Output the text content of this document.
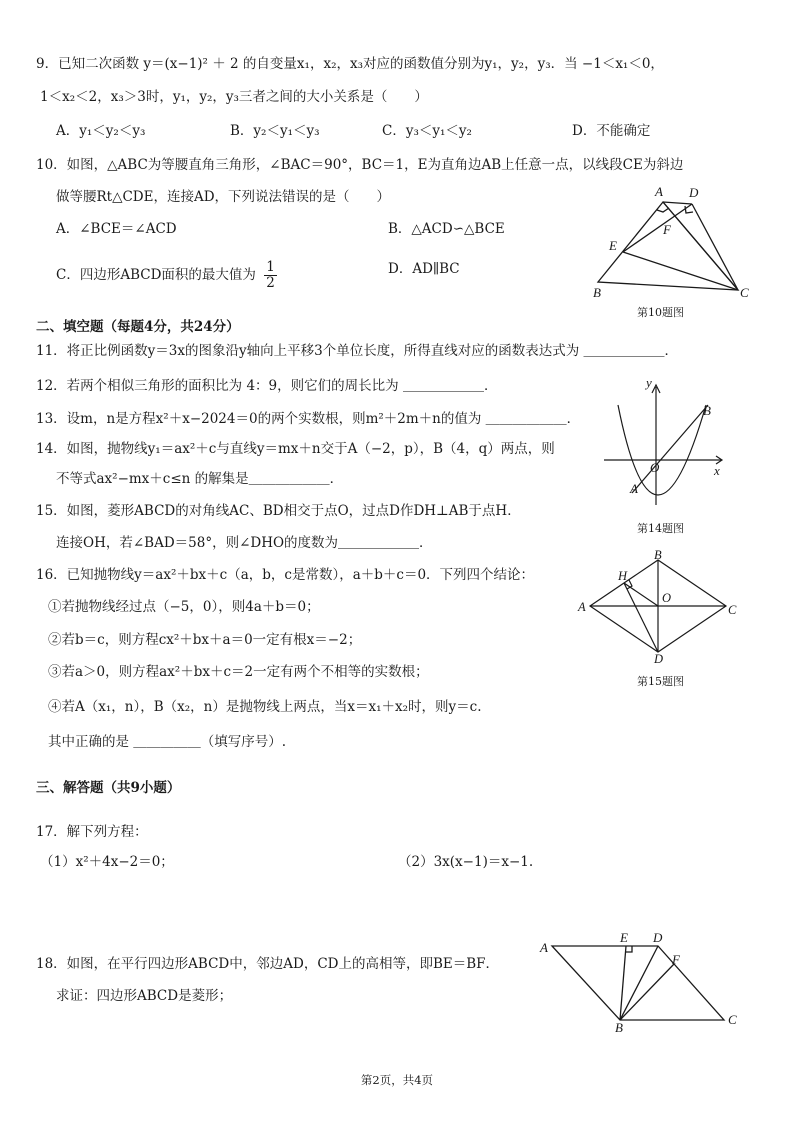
9．已知二次函数 y＝(x−1)² ＋ 2 的自变量x₁，x₂，x₃对应的函数值分别为y₁，y₂，y₃．当 −1＜x₁＜0，
1＜x₂＜2，x₃＞3时，y₁，y₂，y₃三者之间的大小关系是（　　）
A．y₁＜y₂＜y₃	B．y₂＜y₁＜y₃	C．y₃＜y₁＜y₂	D．不能确定
10．如图，△ABC为等腰直角三角形，∠BAC＝90°，BC＝1，E为直角边AB上任意一点，以线段CE为斜边
做等腰Rt△CDE，连接AD，下列说法错误的是（　　）
A．∠BCE＝∠ACD	B．△ACD∽△BCE
C．四边形ABCD面积的最大值为 $\frac{1}{2}$	D．AD∥BC
A D
F
E
B	C
第10题图
二、填空题（每题4分，共24分）
11．将正比例函数y＝3x的图象沿y轴向上平移3个单位长度，所得直线对应的函数表达式为 ＿＿＿＿＿＿．
12．若两个相似三角形的面积比为 4：9，则它们的周长比为 ＿＿＿＿＿＿．
13．设m，n是方程x²＋x−2024＝0的两个实数根，则m²＋2m＋n的值为 ＿＿＿＿＿＿．
14．如图，抛物线y₁＝ax²＋c与直线y＝mx＋n交于A（−2，p），B（4，q）两点，则
不等式ax²−mx＋c≤n 的解集是＿＿＿＿＿＿．
y
x
O
A
B
第14题图
15．如图，菱形ABCD的对角线AC、BD相交于点O，过点D作DH⊥AB于点H．
连接OH，若∠BAD＝58°，则∠DHO的度数为＿＿＿＿＿＿．
B
H
A
O
C
D
第15题图
16．已知抛物线y＝ax²＋bx＋c（a，b，c是常数），a＋b＋c＝0．下列四个结论：
①若抛物线经过点（−5，0），则4a＋b＝0；
②若b＝c，则方程cx²＋bx＋a＝0一定有根x＝−2；
③若a＞0，则方程ax²＋bx＋c＝2一定有两个不相等的实数根；
④若A（x₁，n），B（x₂，n）是抛物线上两点，当x＝x₁＋x₂时，则y＝c.
其中正确的是 ＿＿＿＿＿（填写序号）.
三、解答题（共9小题）
17．解下列方程：
（1）x²＋4x−2＝0；	（2）3x(x−1)＝x−1.
18．如图，在平行四边形ABCD中，邻边AD，CD上的高相等，即BE＝BF．
求证：四边形ABCD是菱形；
A
E D
F
B
C
第2页，共4页
